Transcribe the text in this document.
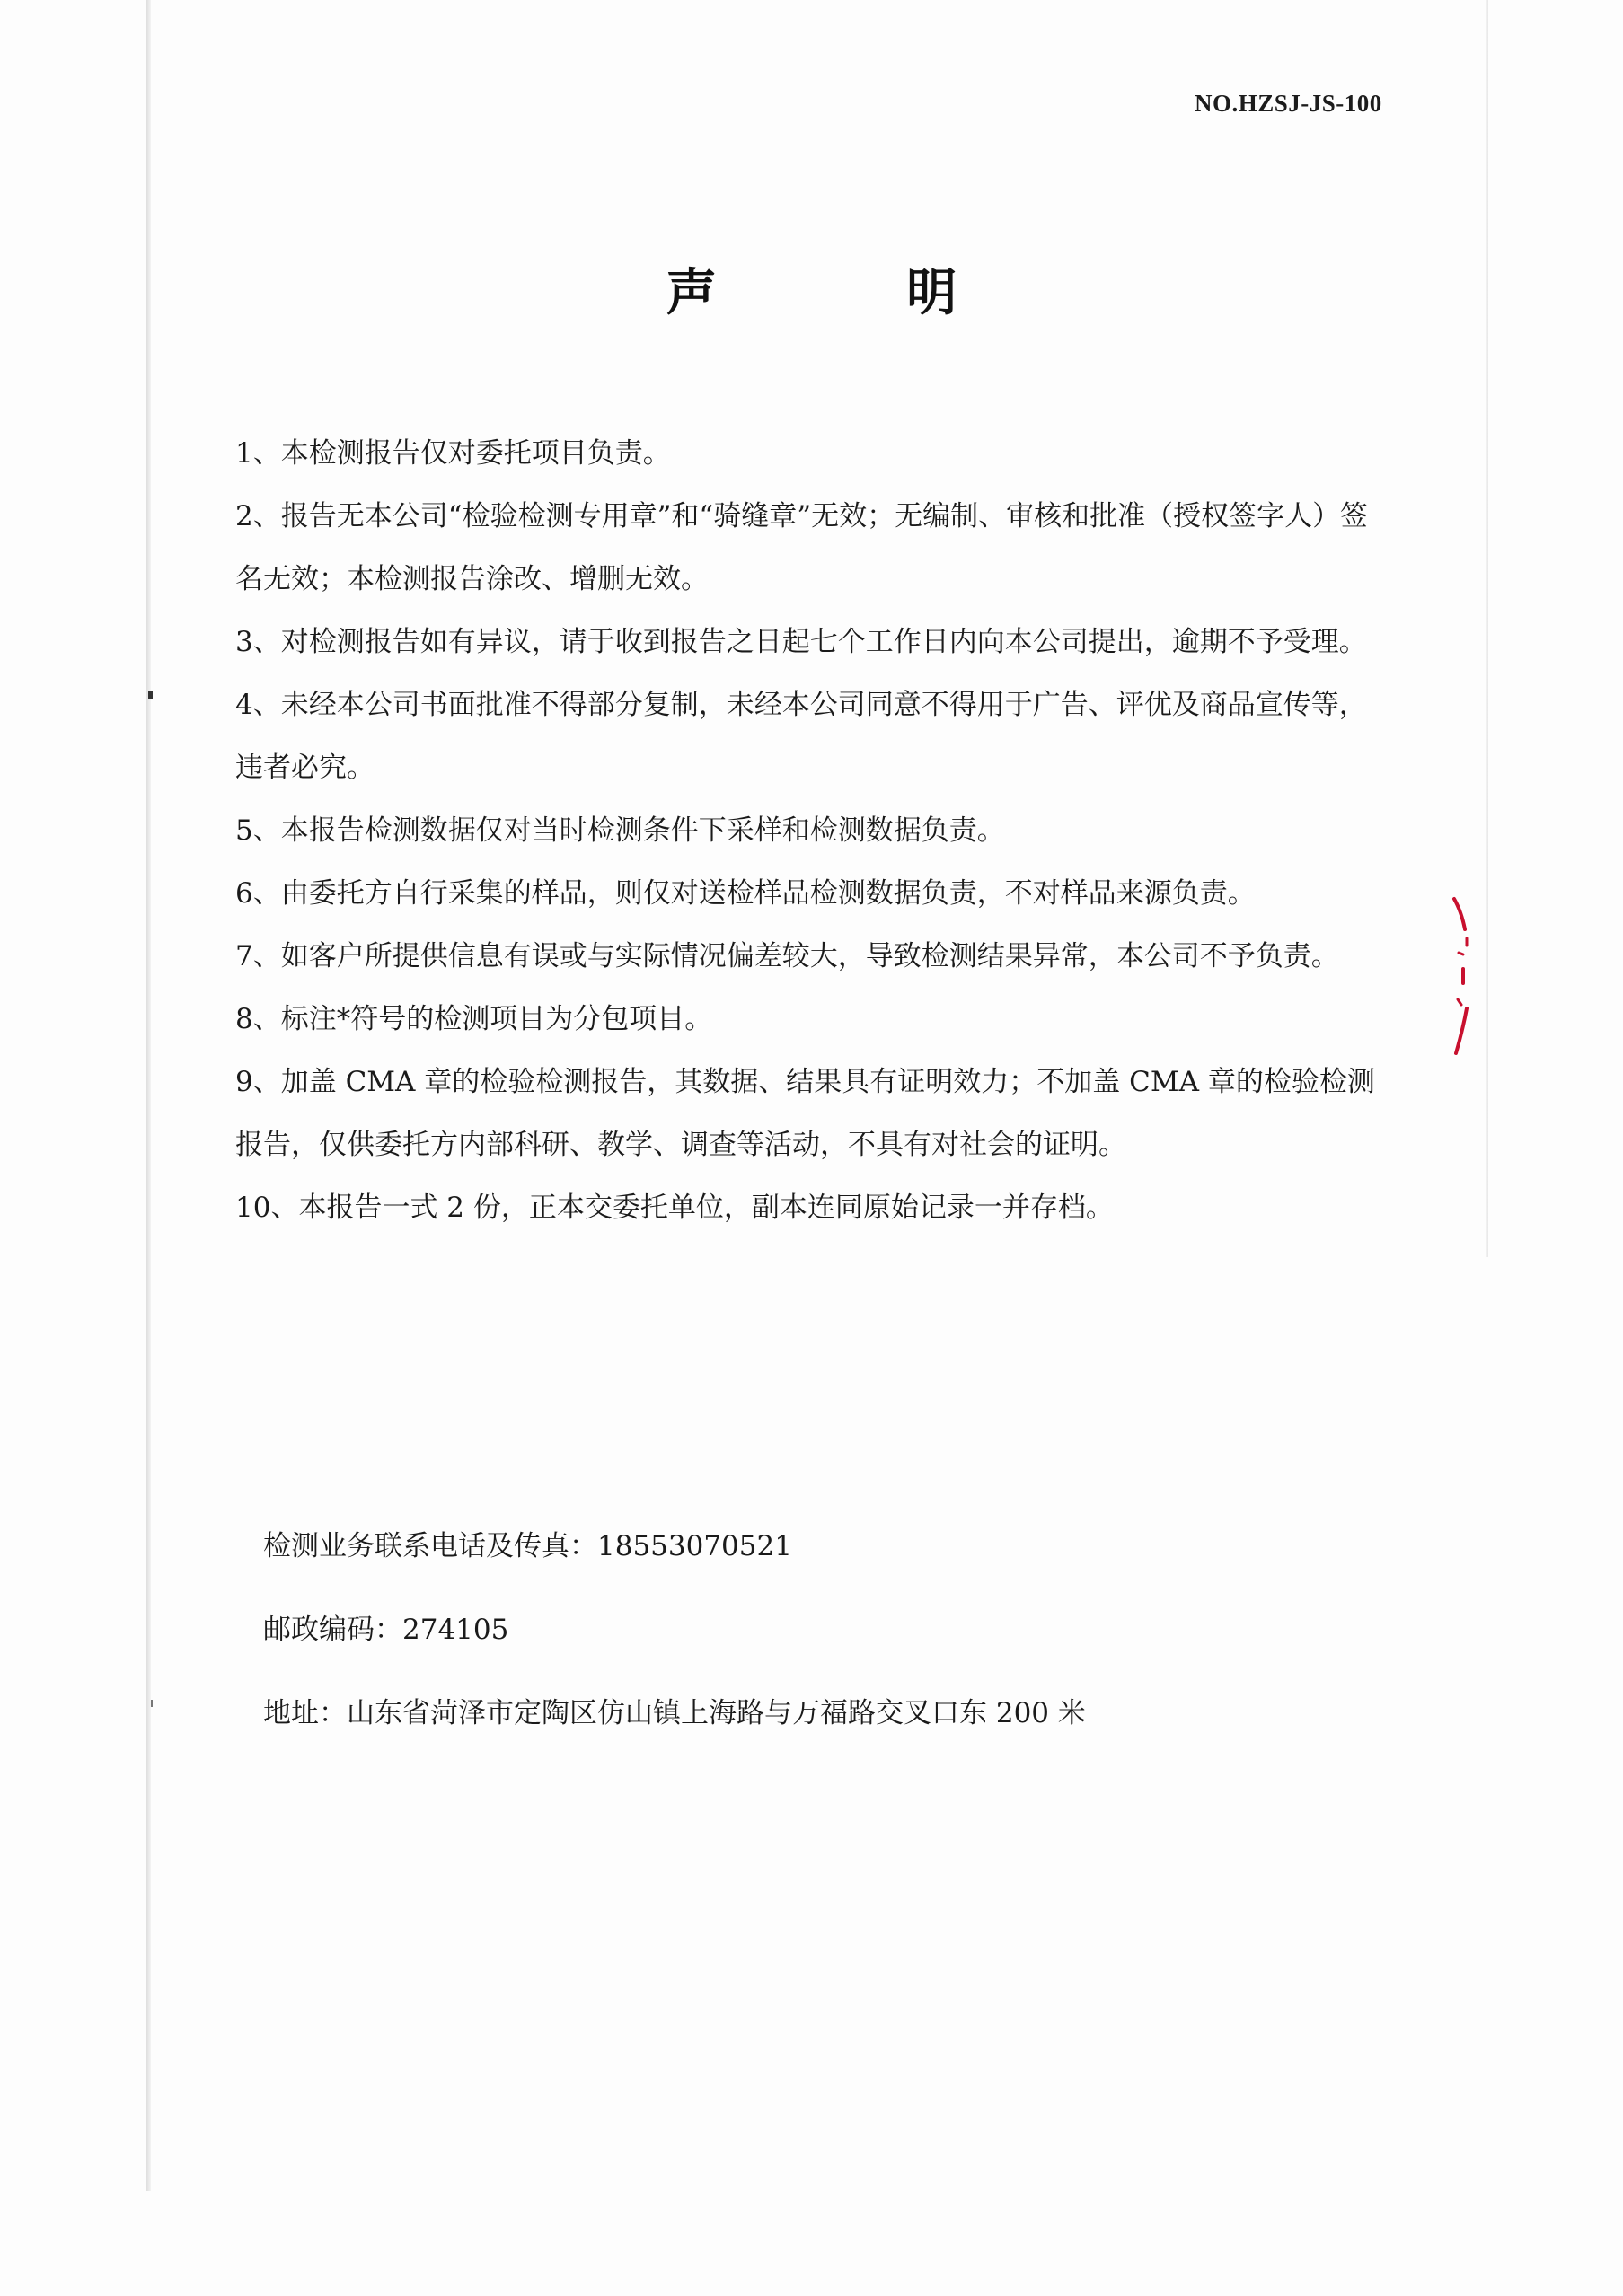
NO.HZSJ-JS-100
声 明
1、本检测报告仅对委托项目负责。
2、报告无本公司“检验检测专用章”和“骑缝章”无效；无编制、审核和批准（授权签字人）签名无效；本检测报告涂改、增删无效。
3、对检测报告如有异议，请于收到报告之日起七个工作日内向本公司提出，逾期不予受理。
4、未经本公司书面批准不得部分复制，未经本公司同意不得用于广告、评优及商品宣传等，违者必究。
5、本报告检测数据仅对当时检测条件下采样和检测数据负责。
6、由委托方自行采集的样品，则仅对送检样品检测数据负责，不对样品来源负责。
7、如客户所提供信息有误或与实际情况偏差较大，导致检测结果异常，本公司不予负责。
8、标注*符号的检测项目为分包项目。
9、加盖 CMA 章的检验检测报告，其数据、结果具有证明效力；不加盖 CMA 章的检验检测报告，仅供委托方内部科研、教学、调查等活动，不具有对社会的证明。
10、本报告一式 2 份，正本交委托单位，副本连同原始记录一并存档。
检测业务联系电话及传真：18553070521
邮政编码：274105
地址：山东省菏泽市定陶区仿山镇上海路与万福路交叉口东 200 米
